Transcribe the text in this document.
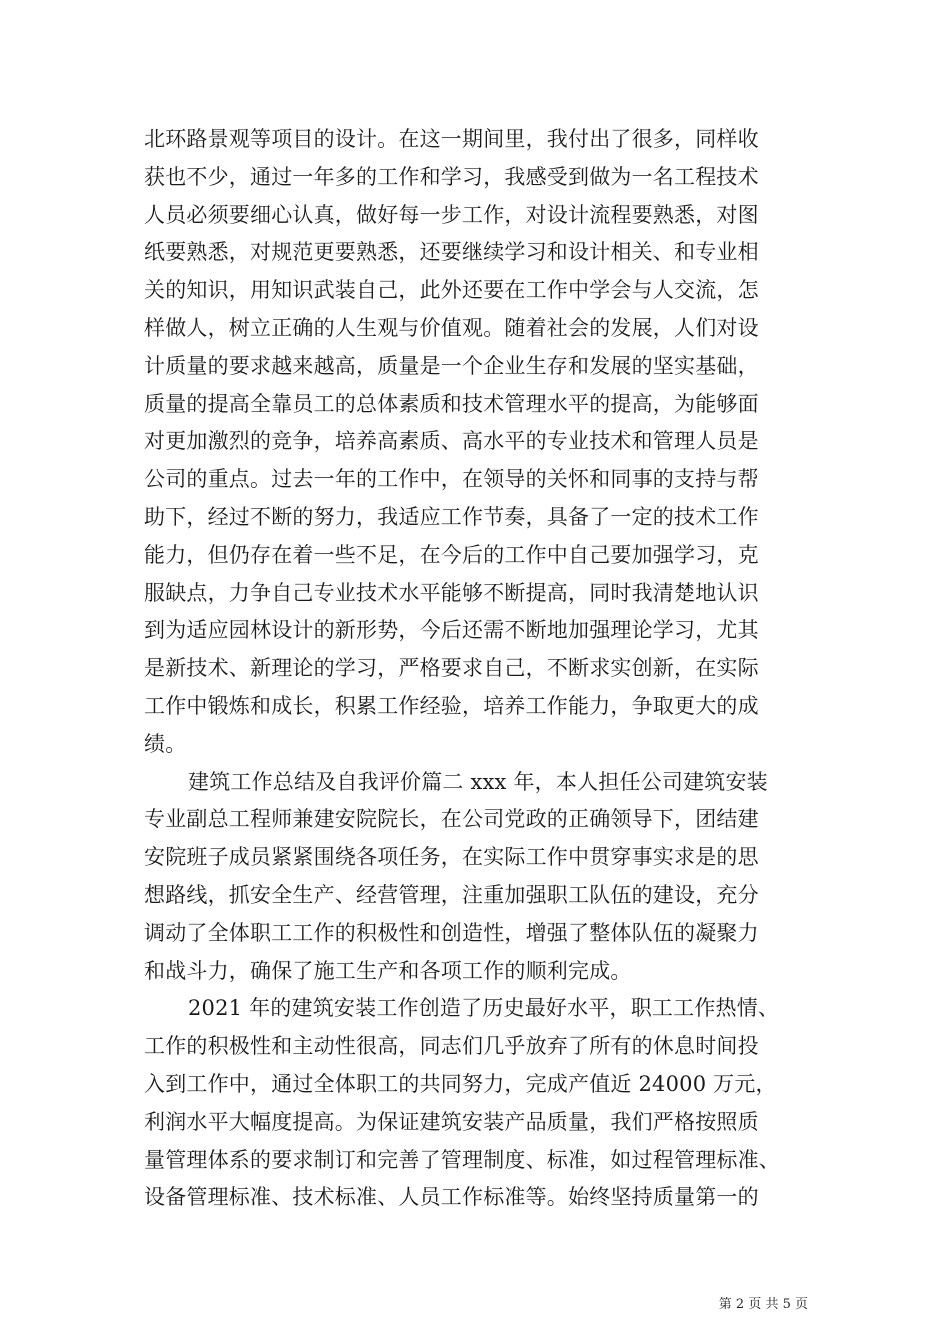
北环路景观等项目的设计。在这一期间里，我付出了很多，同样收
获也不少，通过一年多的工作和学习，我感受到做为一名工程技术
人员必须要细心认真，做好每一步工作，对设计流程要熟悉，对图
纸要熟悉，对规范更要熟悉，还要继续学习和设计相关、和专业相
关的知识，用知识武装自己，此外还要在工作中学会与人交流，怎
样做人，树立正确的人生观与价值观。随着社会的发展，人们对设
计质量的要求越来越高，质量是一个企业生存和发展的坚实基础，
质量的提高全靠员工的总体素质和技术管理水平的提高，为能够面
对更加激烈的竞争，培养高素质、高水平的专业技术和管理人员是
公司的重点。过去一年的工作中，在领导的关怀和同事的支持与帮
助下，经过不断的努力，我适应工作节奏，具备了一定的技术工作
能力，但仍存在着一些不足，在今后的工作中自己要加强学习，克
服缺点，力争自己专业技术水平能够不断提高，同时我清楚地认识
到为适应园林设计的新形势，今后还需不断地加强理论学习，尤其
是新技术、新理论的学习，严格要求自己，不断求实创新，在实际
工作中锻炼和成长，积累工作经验，培养工作能力，争取更大的成
绩。
建筑工作总结及自我评价篇二 xxx 年，本人担任公司建筑安装
专业副总工程师兼建安院院长，在公司党政的正确领导下，团结建
安院班子成员紧紧围绕各项任务，在实际工作中贯穿事实求是的思
想路线，抓安全生产、经营管理，注重加强职工队伍的建设，充分
调动了全体职工工作的积极性和创造性，增强了整体队伍的凝聚力
和战斗力，确保了施工生产和各项工作的顺利完成。
2021 年的建筑安装工作创造了历史最好水平，职工工作热情、
工作的积极性和主动性很高，同志们几乎放弃了所有的休息时间投
入到工作中，通过全体职工的共同努力，完成产值近 24000 万元，
利润水平大幅度提高。为保证建筑安装产品质量，我们严格按照质
量管理体系的要求制订和完善了管理制度、标准，如过程管理标准、
设备管理标准、技术标准、人员工作标准等。始终坚持质量第一的
第 2 页 共 5 页
